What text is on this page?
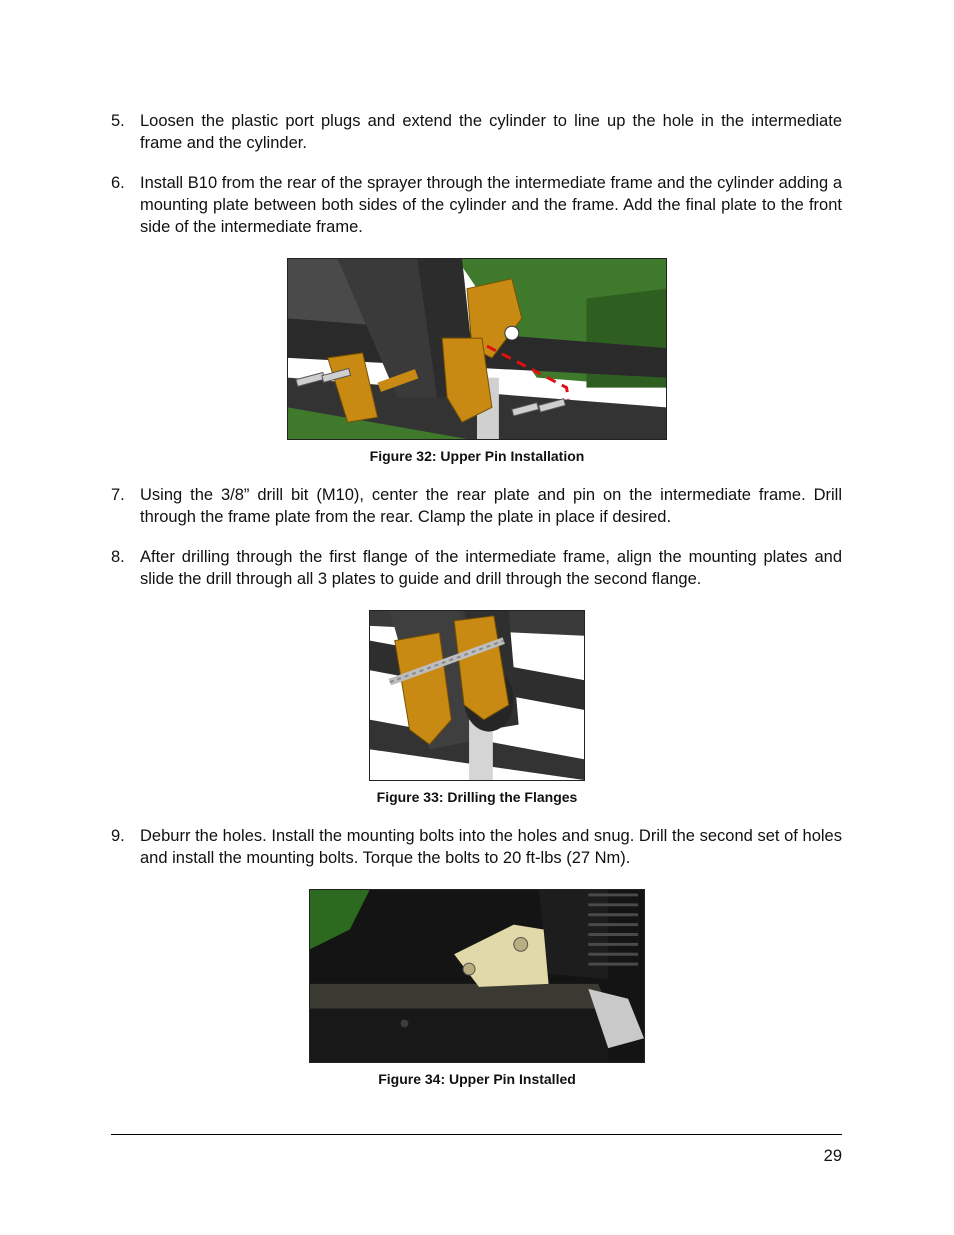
5. Loosen the plastic port plugs and extend the cylinder to line up the hole in the intermediate frame and the cylinder.
6. Install B10 from the rear of the sprayer through the intermediate frame and the cylinder adding a mounting plate between both sides of the cylinder and the frame. Add the final plate to the front side of the intermediate frame.
Figure 32: Upper Pin Installation
7. Using the 3/8” drill bit (M10), center the rear plate and pin on the intermediate frame. Drill through the frame plate from the rear. Clamp the plate in place if desired.
8. After drilling through the first flange of the intermediate frame, align the mounting plates and slide the drill through all 3 plates to guide and drill through the second flange.
Figure 33: Drilling the Flanges
9. Deburr the holes. Install the mounting bolts into the holes and snug. Drill the second set of holes and install the mounting bolts. Torque the bolts to 20 ft-lbs (27 Nm).
Figure 34: Upper Pin Installed
29
